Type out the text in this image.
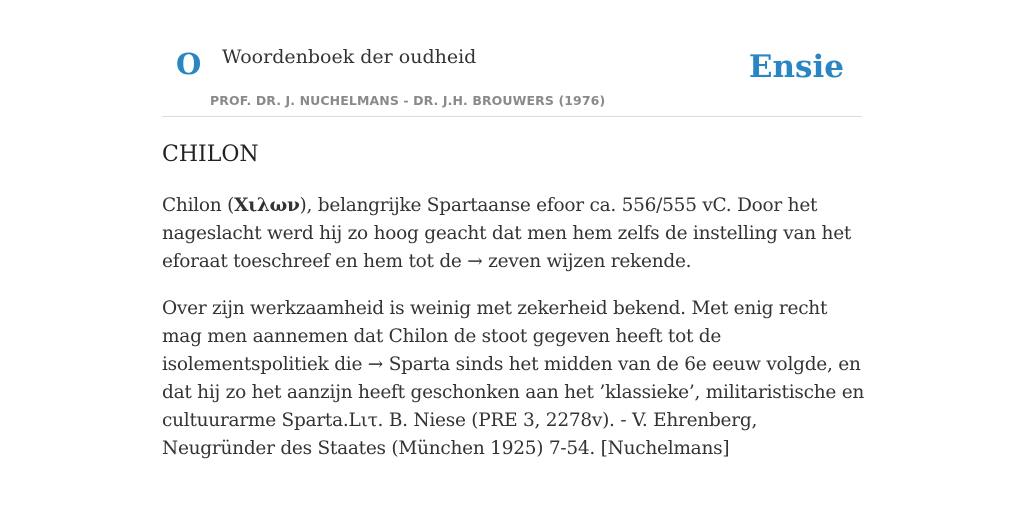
O Woordenboek der oudheid	Ensie
PROF. DR. J. NUCHELMANS - DR. J.H. BROUWERS (1976)
CHILON

Chilon (Χιλων), belangrijke Spartaanse efoor ca. 556/555 vC. Door het nageslacht werd hij zo hoog geacht dat men hem zelfs de instelling van het eforaat toeschreef en hem tot de → zeven wijzen rekende.

Over zijn werkzaamheid is weinig met zekerheid bekend. Met enig recht mag men aannemen dat Chilon de stoot gegeven heeft tot de isolementspolitiek die → Sparta sinds het midden van de 6e eeuw volgde, en dat hij zo het aanzijn heeft geschonken aan het ’klassieke’, militaristische en cultuurarme Sparta.Lιτ. B. Niese (PRE 3, 2278v). - V. Ehrenberg, Neugründer des Staates (München 1925) 7-54. [Nuchelmans]
